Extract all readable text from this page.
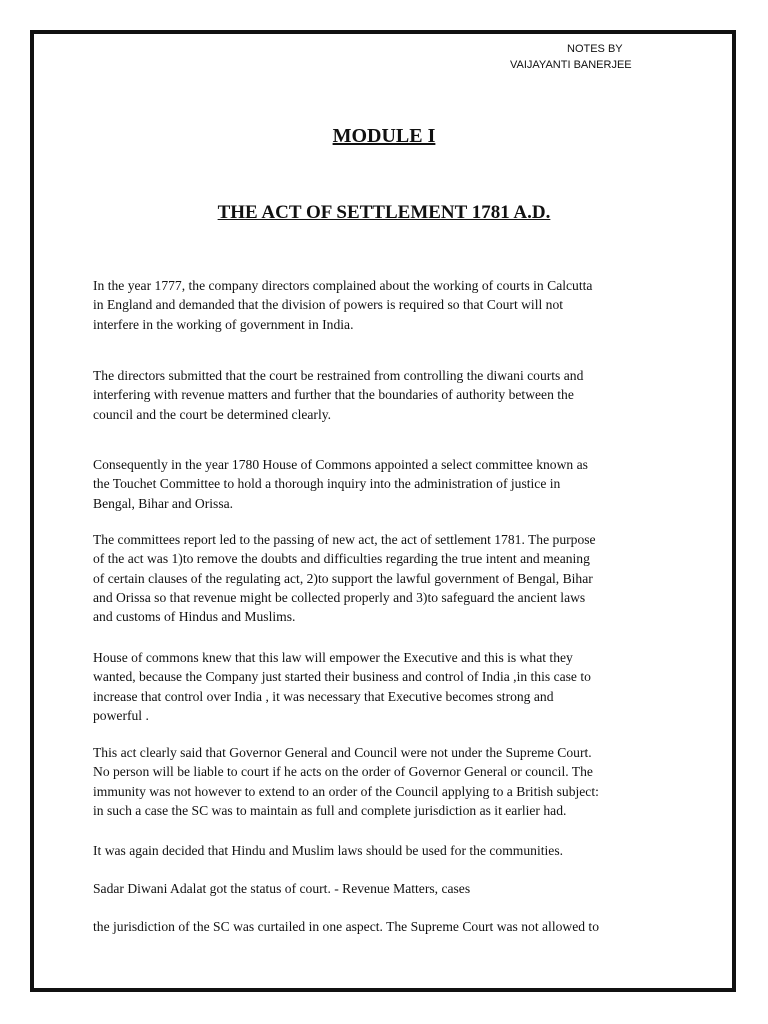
NOTES BY
VAIJAYANTI BANERJEE
MODULE I
THE ACT OF SETTLEMENT 1781 A.D.

In the year 1777, the company directors complained about the working of courts in Calcutta

in England and demanded that the division of powers is required so that Court will not

interfere in the working of government in India.

The directors submitted that the court be restrained from controlling the diwani courts and

interfering with revenue matters and further that the boundaries of authority between the

council and the court be determined clearly.

Consequently in the year 1780 House of Commons appointed a select committee known as

the Touchet Committee to hold a thorough inquiry into the administration of justice in

Bengal, Bihar and Orissa.

The committees report led to the passing of new act, the act of settlement 1781. The purpose

of the act was 1)to remove the doubts and difficulties regarding the true intent and meaning

of certain clauses of the regulating act, 2)to support the lawful government of Bengal, Bihar

and Orissa so that revenue might be collected properly and 3)to safeguard the ancient laws

and customs of Hindus and Muslims.

House of commons knew that this law will empower the Executive and this is what they

wanted, because the Company just started their business and control of India ,in this case to

increase that control over India , it was necessary that Executive becomes strong and

powerful .

This act clearly said that Governor General and Council were not under the Supreme Court.

No person will be liable to court if he acts on the order of Governor General or council. The

immunity was not however to extend to an order of the Council applying to a British subject:

in such a case the SC was to maintain as full and complete jurisdiction as it earlier had.

It was again decided that Hindu and Muslim laws should be used for the communities.

Sadar Diwani Adalat got the status of court. - Revenue Matters, cases

the jurisdiction of the SC was curtailed in one aspect. The Supreme Court was not allowed to
